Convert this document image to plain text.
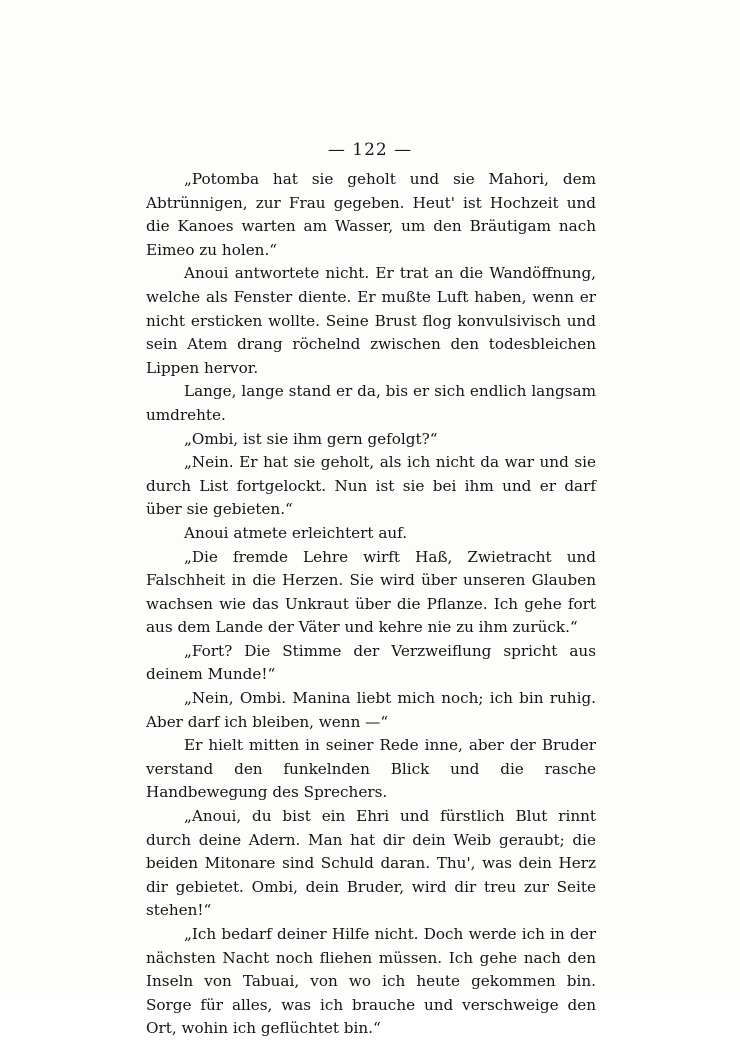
— 122 —

„Potomba hat sie geholt und sie Mahori, dem Abtrünnigen, zur Frau gegeben. Heut' ist Hochzeit und die Kanoes warten am Wasser, um den Bräutigam nach Eimeo zu holen.“

Anoui antwortete nicht. Er trat an die Wandöffnung, welche als Fenster diente. Er mußte Luft haben, wenn er nicht ersticken wollte. Seine Brust flog konvulsivisch und sein Atem drang röchelnd zwischen den todesbleichen Lippen hervor.

Lange, lange stand er da, bis er sich endlich langsam umdrehte.

„Ombi, ist sie ihm gern gefolgt?“

„Nein. Er hat sie geholt, als ich nicht da war und sie durch List fortgelockt. Nun ist sie bei ihm und er darf über sie gebieten.“

Anoui atmete erleichtert auf.

„Die fremde Lehre wirft Haß, Zwietracht und Falschheit in die Herzen. Sie wird über unseren Glauben wachsen wie das Unkraut über die Pflanze. Ich gehe fort aus dem Lande der Väter und kehre nie zu ihm zurück.“

„Fort? Die Stimme der Verzweiflung spricht aus deinem Munde!“

„Nein, Ombi. Manina liebt mich noch; ich bin ruhig. Aber darf ich bleiben, wenn —“

Er hielt mitten in seiner Rede inne, aber der Bruder verstand den funkelnden Blick und die rasche Handbewegung des Sprechers.

„Anoui, du bist ein Ehri und fürstlich Blut rinnt durch deine Adern. Man hat dir dein Weib geraubt; die beiden Mitonare sind Schuld daran. Thu', was dein Herz dir gebietet. Ombi, dein Bruder, wird dir treu zur Seite stehen!“

„Ich bedarf deiner Hilfe nicht. Doch werde ich in der nächsten Nacht noch fliehen müssen. Ich gehe nach den Inseln von Tabuai, von wo ich heute gekommen bin. Sorge für alles, was ich brauche und verschweige den Ort, wohin ich geflüchtet bin.“
